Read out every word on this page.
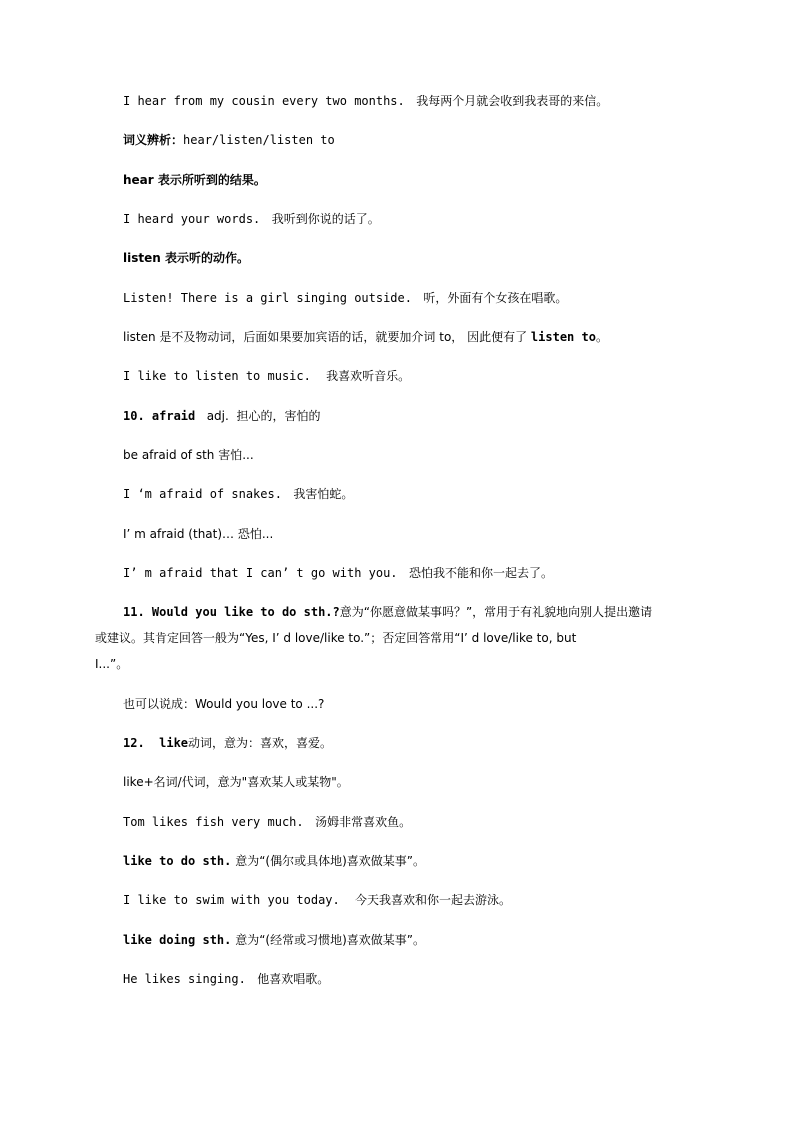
I hear from my cousin every two months.   我每两个月就会收到我表哥的来信。
词义辨析：hear/listen/listen to
hear 表示所听到的结果。
I heard your words.   我听到你说的话了。
listen 表示听的动作。
Listen! There is a girl singing outside.   听，外面有个女孩在唱歌。
listen 是不及物动词，后面如果要加宾语的话，就要加介词 to， 因此便有了 listen to。
I like to listen to music.    我喜欢听音乐。
10. afraid   adj.  担心的，害怕的
be afraid of sth 害怕...
I ‘m afraid of snakes.   我害怕蛇。
I’ m afraid (that)… 恐怕...
I’ m afraid that I can’ t go with you.   恐怕我不能和你一起去了。
11. Would you like to do sth.?意为“你愿意做某事吗？”，常用于有礼貌地向别人提出邀请
或建议。其肯定回答一般为“Yes, I’ d love/like to.”；否定回答常用“I’ d love/like to, but
I...”。
也可以说成：Would you love to ...?
12.  like动词，意为：喜欢，喜爱。
like+名词/代词，意为"喜欢某人或某物"。
Tom likes fish very much.   汤姆非常喜欢鱼。
like to do sth. 意为“(偶尔或具体地)喜欢做某事”。
I like to swim with you today.    今天我喜欢和你一起去游泳。
like doing sth. 意为“(经常或习惯地)喜欢做某事”。
He likes singing.   他喜欢唱歌。
